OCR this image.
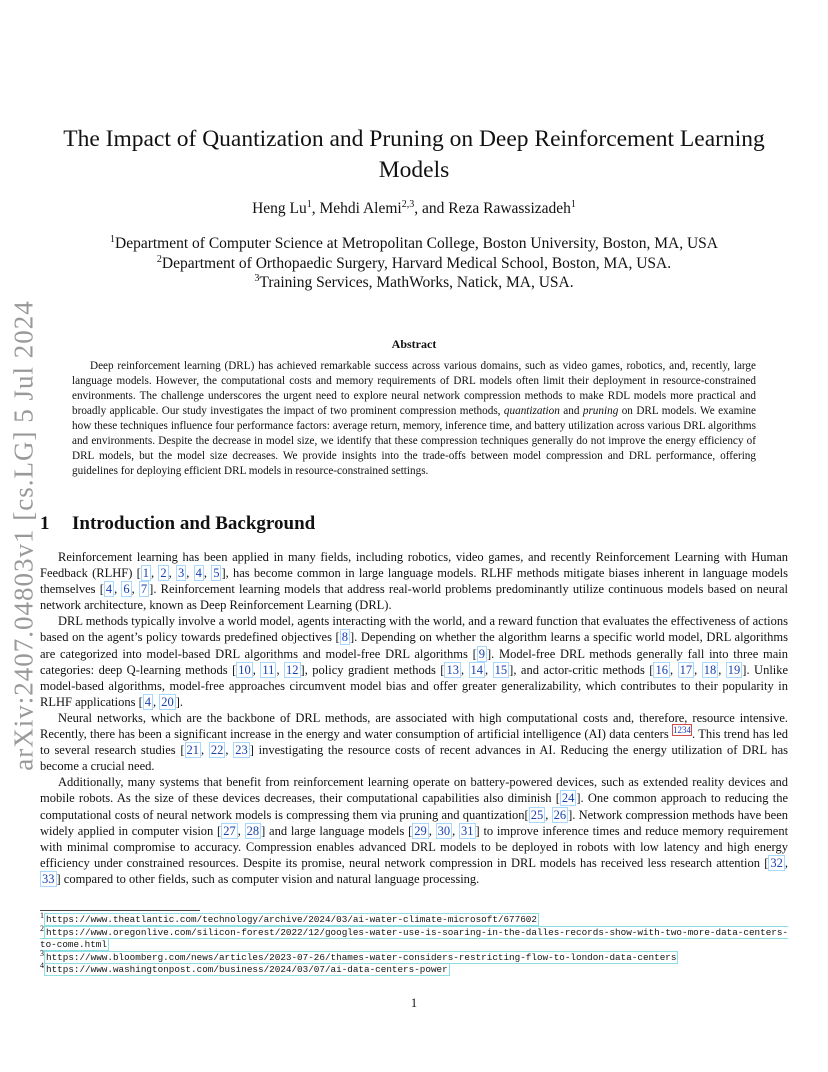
arXiv:2407.04803v1 [cs.LG] 5 Jul 2024
The Impact of Quantization and Pruning on Deep Reinforcement Learning Models
Heng Lu$^1$, Mehdi Alemi$^{2,3}$, and Reza Rawassizadeh$^1$
$^1$Department of Computer Science at Metropolitan College, Boston University, Boston, MA, USA
$^2$Department of Orthopaedic Surgery, Harvard Medical School, Boston, MA, USA.
$^3$Training Services, MathWorks, Natick, MA, USA.
Abstract
Deep reinforcement learning (DRL) has achieved remarkable success across various domains, such as video games, robotics, and, recently, large language models. However, the computational costs and memory requirements of DRL models often limit their deployment in resource-constrained environments. The challenge underscores the urgent need to explore neural network compression methods to make RDL models more practical and broadly applicable. Our study investigates the impact of two prominent compression methods, quantization and pruning on DRL models. We examine how these techniques influence four performance factors: average return, memory, inference time, and battery utilization across various DRL algorithms and environments. Despite the decrease in model size, we identify that these compression techniques generally do not improve the energy efficiency of DRL models, but the model size decreases. We provide insights into the trade-offs between model compression and DRL performance, offering guidelines for deploying efficient DRL models in resource-constrained settings.
1 Introduction and Background

Reinforcement learning has been applied in many fields, including robotics, video games, and recently Reinforcement Learning with Human Feedback (RLHF) [ 1 , 2 , 3 , 4 , 5 ], has become common in large language models. RLHF methods mitigate biases inherent in language models themselves [ 4 , 6 , 7 ]. Reinforcement learning models that address real-world problems predominantly utilize continuous models based on neural network architecture, known as Deep Reinforcement Learning (DRL).

DRL methods typically involve a world model, agents interacting with the world, and a reward function that evaluates the effectiveness of actions based on the agent’s policy towards predefined objectives [ 8 ]. Depending on whether the algorithm learns a specific world model, DRL algorithms are categorized into model-based DRL algorithms and model-free DRL algorithms [ 9 ]. Model-free DRL methods generally fall into three main categories: deep Q-learning methods [ 10 , 11 , 12 ], policy gradient methods [ 13 , 14 , 15 ], and actor-critic methods [ 16 , 17 , 18 , 19 ]. Unlike model-based algorithms, model-free approaches circumvent model bias and offer greater generalizability, which contributes to their popularity in RLHF applications [ 4 , 20 ].

Neural networks, which are the backbone of DRL methods, are associated with high computational costs and, therefore, resource intensive. Recently, there has been a significant increase in the energy and water consumption of artificial intelligence (AI) data centers $^{1234}$. This trend has led to several research studies [ 21 , 22 , 23 ] investigating the resource costs of recent advances in AI. Reducing the energy utilization of DRL has become a crucial need.

Additionally, many systems that benefit from reinforcement learning operate on battery-powered devices, such as extended reality devices and mobile robots. As the size of these devices decreases, their computational capabilities also diminish [ 24 ]. One common approach to reducing the computational costs of neural network models is compressing them via pruning and quantization[ 25 , 26 ]. Network compression methods have been widely applied in computer vision [ 27 , 28 ] and large language models [ 29 , 30 , 31 ] to improve inference times and reduce memory requirement with minimal compromise to accuracy. Compression enables advanced DRL models to be deployed in robots with low latency and high energy efficiency under constrained resources. Despite its promise, neural network compression in DRL models has received less research attention [ 32 , 33 ] compared to other fields, such as computer vision and natural language processing.

1 https://www.theatlantic.com/technology/archive/2024/03/ai-water-climate-microsoft/677602
2 https://www.oregonlive.com/silicon-forest/2022/12/googles-water-use-is-soaring-in-the-dalles-records-show-with-two-more-data-centers-to-come.html
3 https://www.bloomberg.com/news/articles/2023-07-26/thames-water-considers-restricting-flow-to-london-data-centers
4 https://www.washingtonpost.com/business/2024/03/07/ai-data-centers-power
1
